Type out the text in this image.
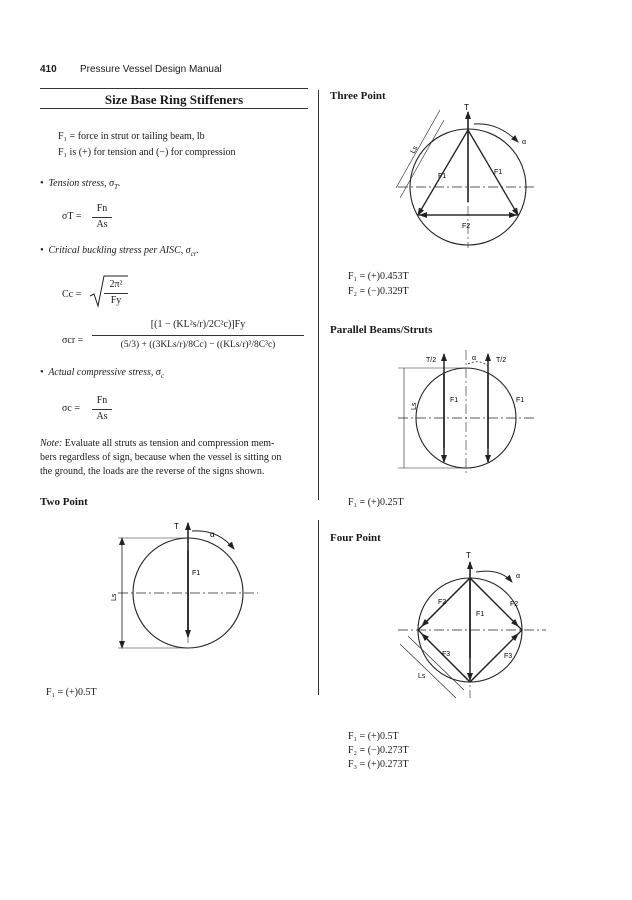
410 Pressure Vessel Design Manual
Size Base Ring Stiffeners
F₁ = force in strut or tailing beam, lb
F₁ is (+) for tension and (−) for compression
•  Tension stress, $\sigma_T$.
σT =
Fn
As
•  Critical buckling stress per AISC, $\sigma_{cr}$.
Cc =
2π²
Fy
σcr =
[(1 − (KL²s/r)/2C²c)]Fy
(5/3) + ((3KLs/r)/8Cc) − ((KLs/r)³/8C³c)
•  Actual compressive stress, $\sigma_c$
σc =
Fn
As
Note: Evaluate all struts as tension and compression mem-
bers regardless of sign, because when the vessel is sitting on
the ground, the loads are the reverse of the signs shown.
Two Point
T
α
F1
Ls
F₁ = (+)0.5T
Three Point
T
α
F1
F1
F2
Ls
F₁ = (+)0.453T
F₂ = (−)0.329T
Parallel Beams/Struts
T/2	T/2
α
F1	F1
Ls
F₁ = (+)0.25T
Four Point
T
α
F2	F2
F1
F3	F3
Ls
F₁ = (+)0.5T
F₂ = (−)0.273T
F₃ = (+)0.273T
